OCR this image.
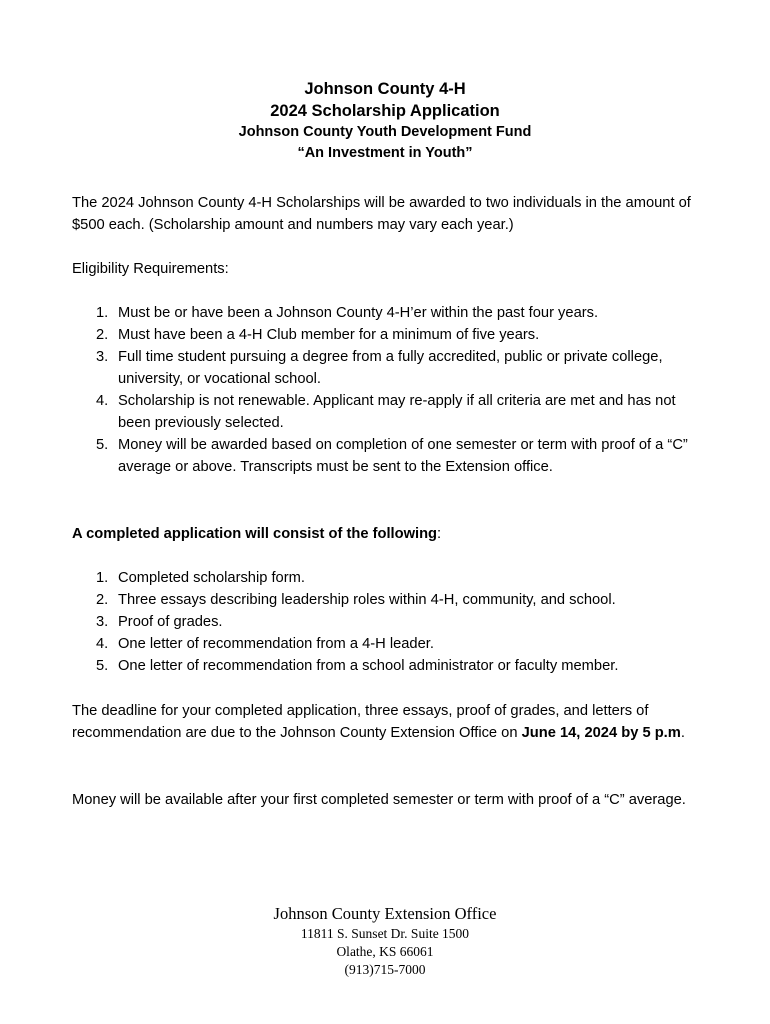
Johnson County 4-H
2024 Scholarship Application
Johnson County Youth Development Fund
“An Investment in Youth”
The 2024 Johnson County 4-H Scholarships will be awarded to two individuals in the amount of $500 each. (Scholarship amount and numbers may vary each year.)
Eligibility Requirements:
1. Must be or have been a Johnson County 4-H’er within the past four years.
2. Must have been a 4-H Club member for a minimum of five years.
3. Full time student pursuing a degree from a fully accredited, public or private college, university, or vocational school.
4. Scholarship is not renewable. Applicant may re-apply if all criteria are met and has not been previously selected.
5. Money will be awarded based on completion of one semester or term with proof of a “C” average or above. Transcripts must be sent to the Extension office.
A completed application will consist of the following:
1. Completed scholarship form.
2. Three essays describing leadership roles within 4-H, community, and school.
3. Proof of grades.
4. One letter of recommendation from a 4-H leader.
5. One letter of recommendation from a school administrator or faculty member.
The deadline for your completed application, three essays, proof of grades, and letters of recommendation are due to the Johnson County Extension Office on June 14, 2024 by 5 p.m.
Money will be available after your first completed semester or term with proof of a “C” average.
Johnson County Extension Office
11811 S. Sunset Dr. Suite 1500
Olathe, KS 66061
(913)715-7000
